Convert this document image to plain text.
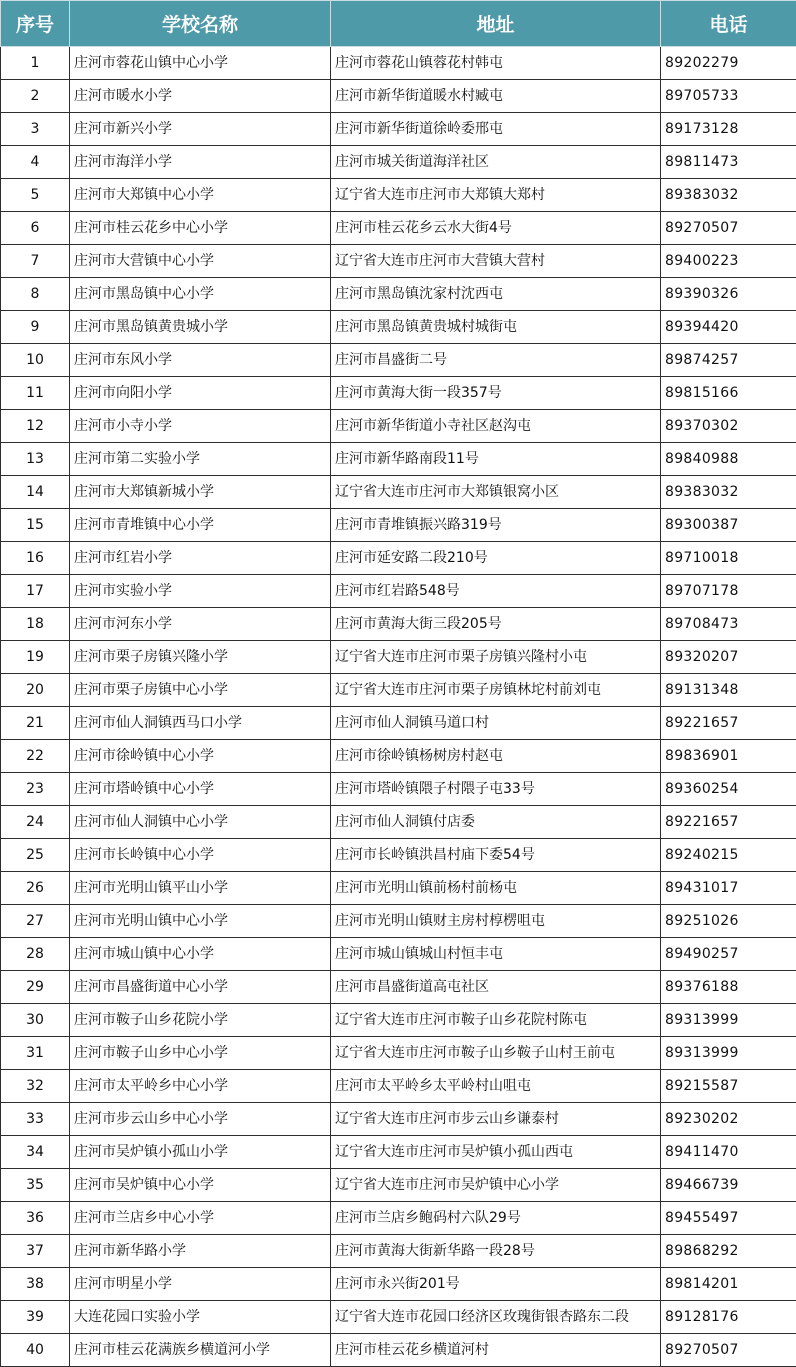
序号	学校名称	地址	电话
1	庄河市蓉花山镇中心小学	庄河市蓉花山镇蓉花村韩屯	89202279
2	庄河市暖水小学	庄河市新华街道暖水村臧屯	89705733
3	庄河市新兴小学	庄河市新华街道徐岭委邢屯	89173128
4	庄河市海洋小学	庄河市城关街道海洋社区	89811473
5	庄河市大郑镇中心小学	辽宁省大连市庄河市大郑镇大郑村	89383032
6	庄河市桂云花乡中心小学	庄河市桂云花乡云水大街4号	89270507
7	庄河市大营镇中心小学	辽宁省大连市庄河市大营镇大营村	89400223
8	庄河市黑岛镇中心小学	庄河市黑岛镇沈家村沈西屯	89390326
9	庄河市黑岛镇黄贵城小学	庄河市黑岛镇黄贵城村城街屯	89394420
10	庄河市东风小学	庄河市昌盛街二号	89874257
11	庄河市向阳小学	庄河市黄海大街一段357号	89815166
12	庄河市小寺小学	庄河市新华街道小寺社区赵沟屯	89370302
13	庄河市第二实验小学	庄河市新华路南段11号	89840988
14	庄河市大郑镇新城小学	辽宁省大连市庄河市大郑镇银窝小区	89383032
15	庄河市青堆镇中心小学	庄河市青堆镇振兴路319号	89300387
16	庄河市红岩小学	庄河市延安路二段210号	89710018
17	庄河市实验小学	庄河市红岩路548号	89707178
18	庄河市河东小学	庄河市黄海大街三段205号	89708473
19	庄河市栗子房镇兴隆小学	辽宁省大连市庄河市栗子房镇兴隆村小屯	89320207
20	庄河市栗子房镇中心小学	辽宁省大连市庄河市栗子房镇林坨村前刘屯	89131348
21	庄河市仙人洞镇西马口小学	庄河市仙人洞镇马道口村	89221657
22	庄河市徐岭镇中心小学	庄河市徐岭镇杨树房村赵屯	89836901
23	庄河市塔岭镇中心小学	庄河市塔岭镇隈子村隈子屯33号	89360254
24	庄河市仙人洞镇中心小学	庄河市仙人洞镇付店委	89221657
25	庄河市长岭镇中心小学	庄河市长岭镇洪昌村庙下委54号	89240215
26	庄河市光明山镇平山小学	庄河市光明山镇前杨村前杨屯	89431017
27	庄河市光明山镇中心小学	庄河市光明山镇财主房村椁楞咀屯	89251026
28	庄河市城山镇中心小学	庄河市城山镇城山村恒丰屯	89490257
29	庄河市昌盛街道中心小学	庄河市昌盛街道高屯社区	89376188
30	庄河市鞍子山乡花院小学	辽宁省大连市庄河市鞍子山乡花院村陈屯	89313999
31	庄河市鞍子山乡中心小学	辽宁省大连市庄河市鞍子山乡鞍子山村王前屯	89313999
32	庄河市太平岭乡中心小学	庄河市太平岭乡太平岭村山咀屯	89215587
33	庄河市步云山乡中心小学	辽宁省大连市庄河市步云山乡谦泰村	89230202
34	庄河市吴炉镇小孤山小学	辽宁省大连市庄河市吴炉镇小孤山西屯	89411470
35	庄河市吴炉镇中心小学	辽宁省大连市庄河市吴炉镇中心小学	89466739
36	庄河市兰店乡中心小学	庄河市兰店乡鲍码村六队29号	89455497
37	庄河市新华路小学	庄河市黄海大街新华路一段28号	89868292
38	庄河市明星小学	庄河市永兴街201号	89814201
39	大连花园口实验小学	辽宁省大连市花园口经济区玫瑰街银杏路东二段	89128176
40	庄河市桂云花满族乡横道河小学	庄河市桂云花乡横道河村	89270507
